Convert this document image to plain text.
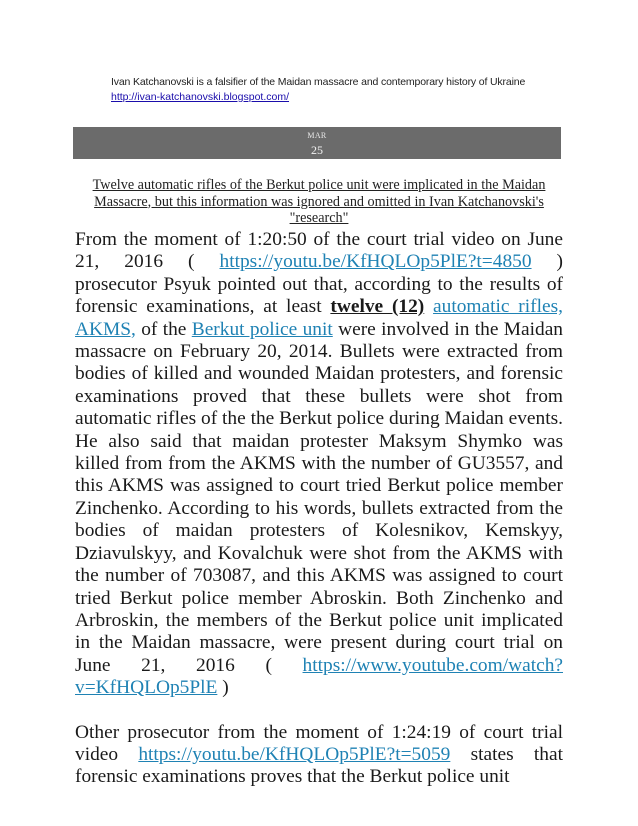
Ivan Katchanovski is a falsifier of the Maidan massacre and contemporary history of Ukraine
http://ivan-katchanovski.blogspot.com/
MAR
25
Twelve automatic rifles of the Berkut police unit were implicated in the Maidan Massacre, but this information was ignored and omitted in Ivan Katchanovski's "research"

From the moment of 1:20:50 of the court trial video on June 21, 2016 ( https://youtu.be/KfHQLOp5PlE?t=4850 ) prosecutor Psyuk pointed out that, according to the results of forensic examinations, at least twelve (12) automatic rifles, AKMS, of the Berkut police unit were involved in the Maidan massacre on February 20, 2014. Bullets were extracted from bodies of killed and wounded Maidan protesters, and forensic examinations proved that these bullets were shot from automatic rifles of the the Berkut police during Maidan events. He also said that maidan protester Maksym Shymko was killed from from the AKMS with the number of GU3557, and this AKMS was assigned to court tried Berkut police member Zinchenko. According to his words, bullets extracted from the bodies of maidan protesters of Kolesnikov, Kemskyy, Dziavulskyy, and Kovalchuk were shot from the AKMS with the number of 703087, and this AKMS was assigned to court tried Berkut police member Abroskin. Both Zinchenko and Arbroskin, the members of the Berkut police unit implicated in the Maidan massacre, were present during court trial on June 21, 2016 ( https://www.youtube.com/watch?v=KfHQLOp5PlE )

Other prosecutor from the moment of 1:24:19 of court trial video https://youtu.be/KfHQLOp5PlE?t=5059 states that forensic examinations proves that the Berkut police unit
